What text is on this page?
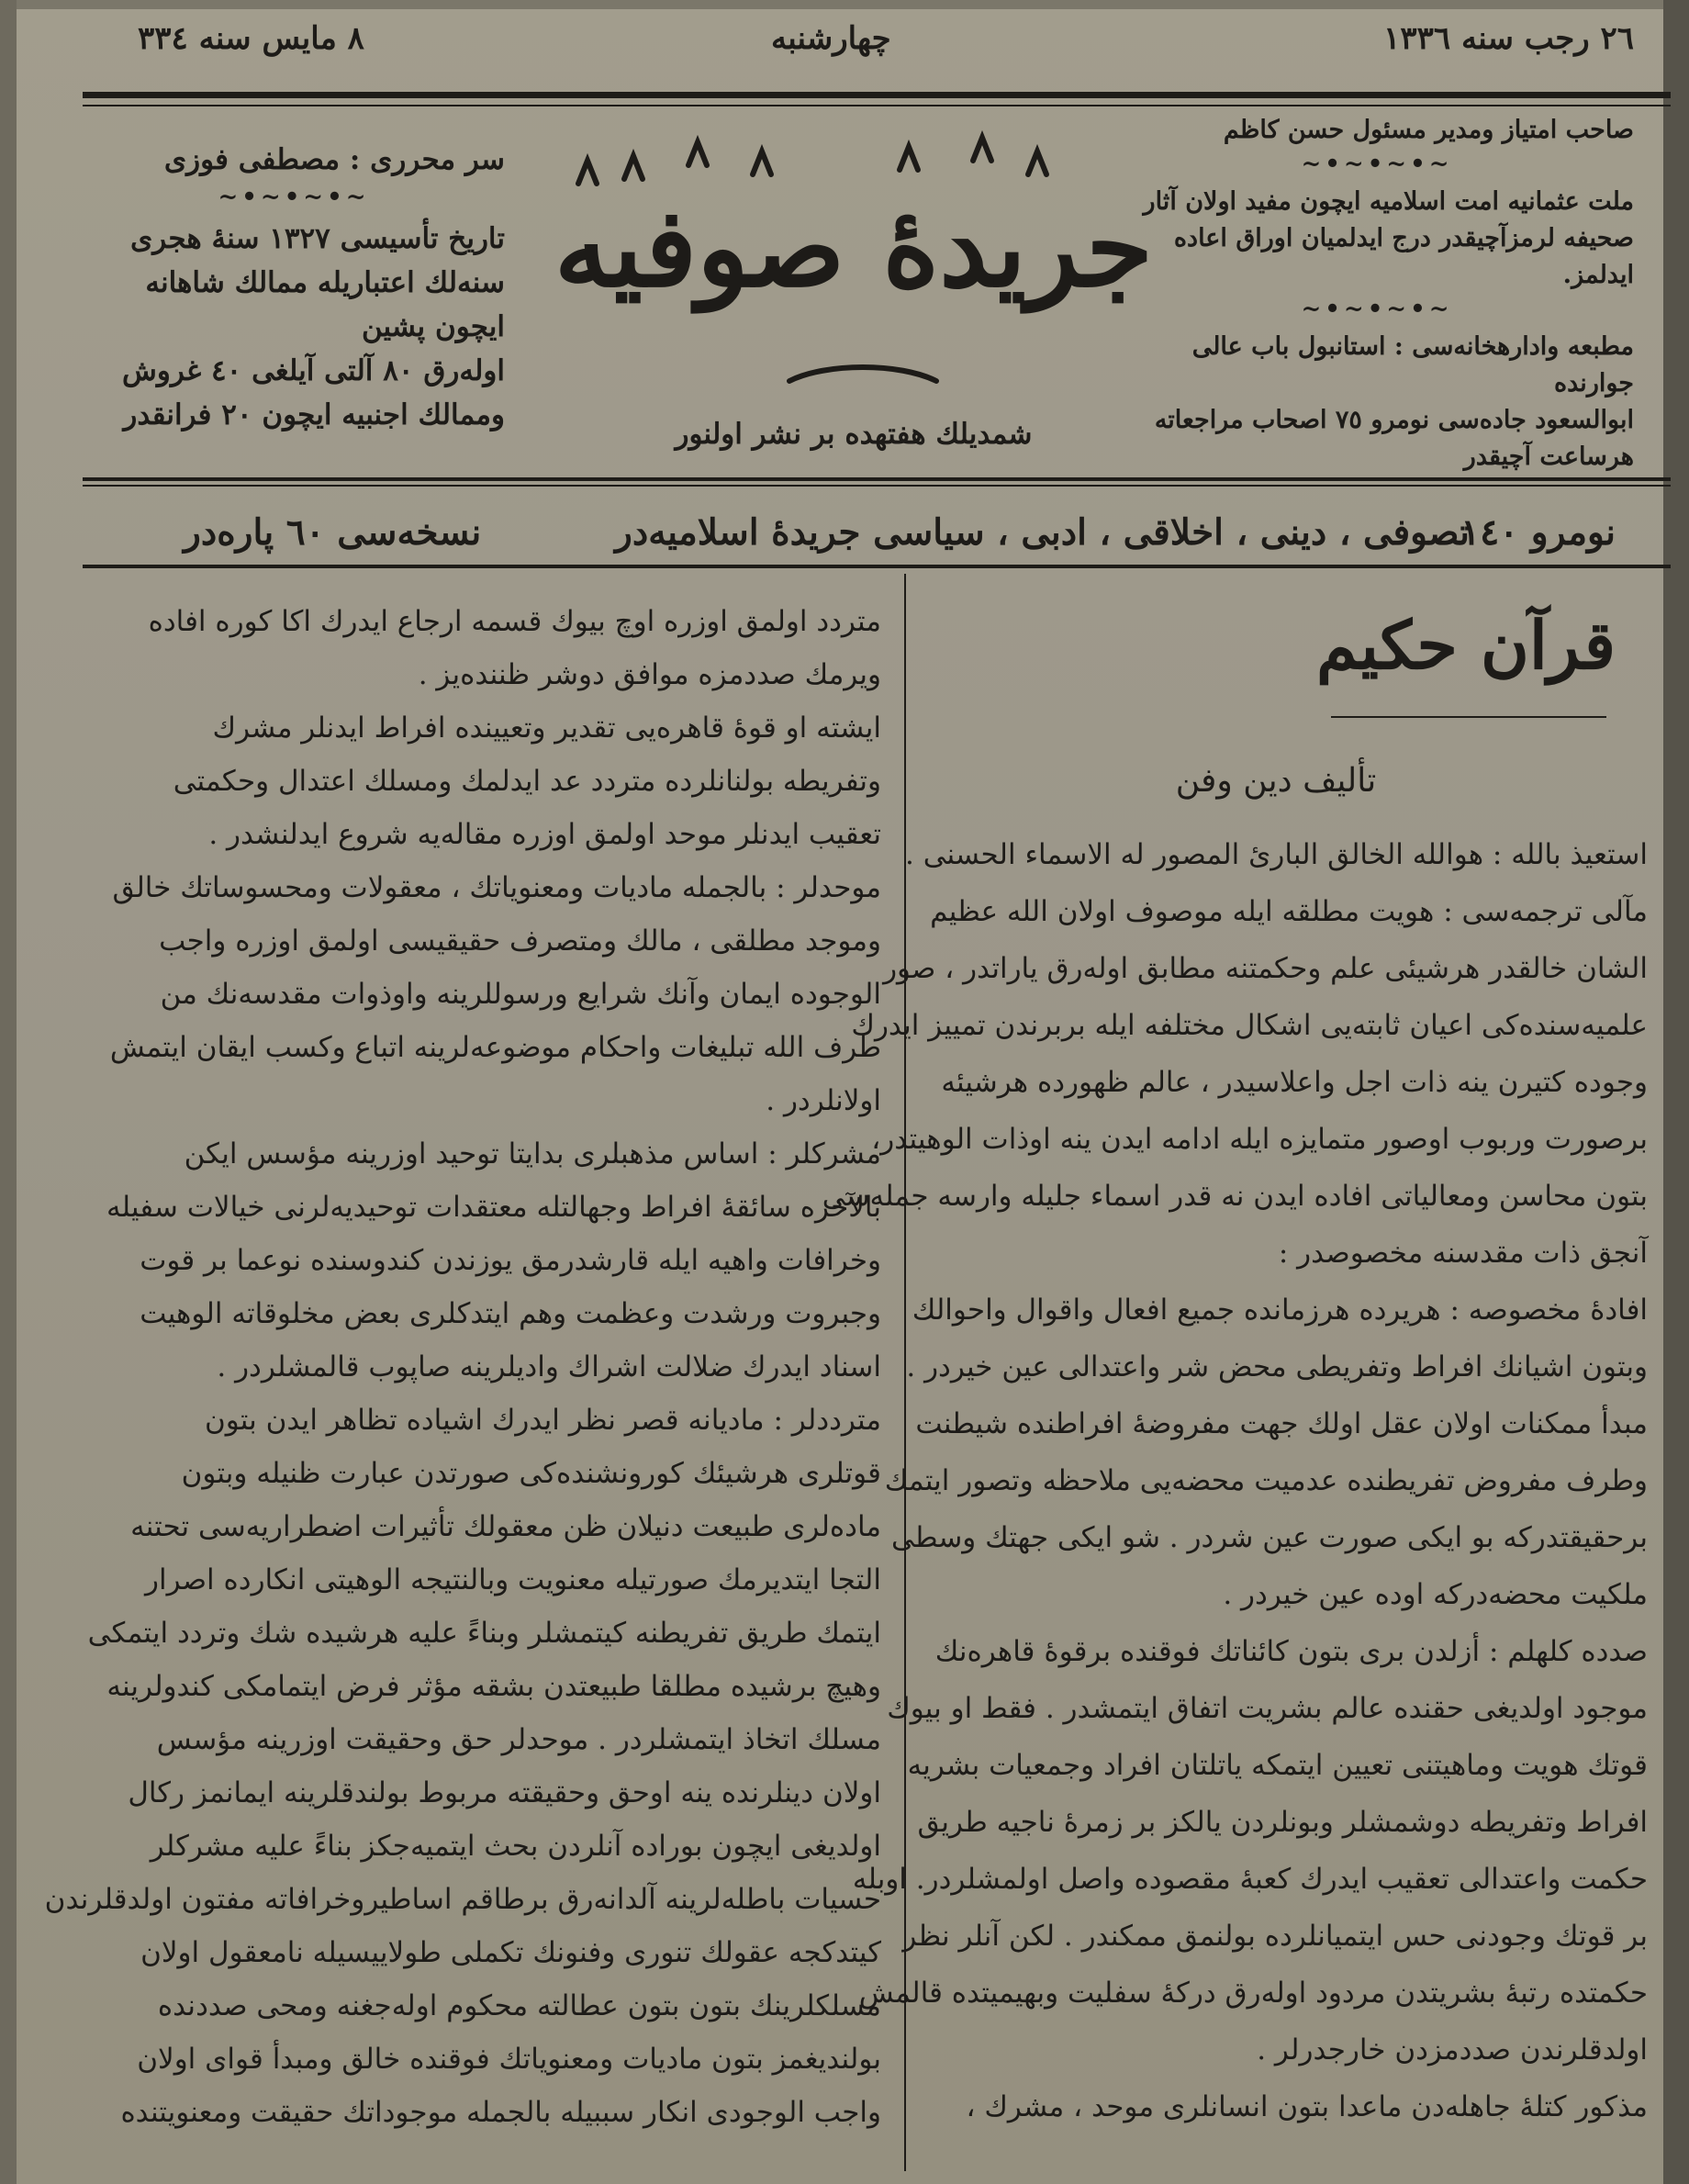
٢٦ رجب سنه ١٣٣٦
چهارشنبه
٨ مايس سنه ٣٣٤
صاحب امتياز ومدير مسئول حسن كاظم
~•~•~•~
ملت عثمانيه امت اسلاميه ايچون مفيد اولان آثار
صحيفه لرمزآچيقدر درج ايدلميان اوراق اعاده ايدلمز.
~•~•~•~
مطبعه وادارهخانه‌سی : استانبول باب عالی جوارنده
ابوالسعود جاده‌سی نومرو ٧٥ اصحاب مراجعاته
هرساعت آچيقدر
جريدهٔ صوفيه
شمديلك هفتهده بر نشر اولنور
سر محرری : مصطفی فوزی
~•~•~•~
تاريخ تأسيسی ١٣٢٧ سنهٔ هجری
سنه‌لك اعتباريله ممالك شاهانه ايچون پشين
اوله‌رق ٨٠ آلتی آيلغی ٤٠ غروش
وممالك اجنبيه ايچون ٢٠ فرانقدر
نومرو ١٤٠
تصوفی ، دينی ، اخلاقی ، ادبی ، سياسی جريدهٔ اسلاميه‌در
نسخه‌سی ٦٠ پاره‌در
قرآن حكيم
تأليف دين وفن

استعيذ بالله : هوالله الخالق البارئ المصور له الاسماء الحسنی .

مآلی ترجمه‌سی : هويت مطلقه ايله موصوف اولان الله عظيم

الشان خالقدر هرشيئی علم وحكمتنه مطابق اوله‌رق ياراتدر ، صور

علميه‌سنده‌كی اعيان ثابته‌يی اشكال مختلفه ايله بربرندن تمييز ايدرك

وجوده كتيرن ينه ذات اجل واعلاسيدر ، عالم ظهورده هرشيئه

برصورت وربوب اوصور متمايزه ايله ادامه ايدن ينه اوذات الوهيتدر،

بتون محاسن ومعالياتی افاده ايدن نه قدر اسماء جليله وارسه جمله‌سی

آنجق ذات مقدسنه مخصوصدر :

افادهٔ مخصوصه : هريرده هرزمانده جميع افعال واقوال واحوالك

وبتون اشيانك افراط وتفريطی محض شر واعتدالی عين خيردر .

مبدأ ممكنات اولان عقل اولك جهت مفروضهٔ افراطنده شيطنت

وطرف مفروض تفريطنده عدميت محضه‌يی ملاحظه وتصور ايتمك

برحقيقتدركه بو ايكی صورت عين شردر . شو ايكی جهتك وسطی

ملكيت محضه‌دركه اوده عين خيردر .

صدده كلهلم : أزلدن بری بتون كائناتك فوقنده برقوهٔ قاهره‌نك

موجود اولديغی حقنده عالم بشريت اتفاق ايتمشدر . فقط او بيوك

قوتك هويت وماهيتنی تعيين ايتمكه ياتلتان افراد وجمعيات بشريه

افراط وتفريطه دوشمشلر وبونلردن يالكز بر زمرهٔ ناجيه طريق

حكمت واعتدالی تعقيب ايدرك كعبهٔ مقصوده واصل اولمشلردر. اوبله

بر قوتك وجودنی حس ايتميانلرده بولنمق ممكندر . لكن آنلر نظر

حكمتده رتبهٔ بشريتدن مردود اوله‌رق دركهٔ سفليت وبهيميتده قالمش

اولدقلرندن صددمزدن خارجدرلر .

مذكور كتلهٔ جاهله‌دن ماعدا بتون انسانلری موحد ، مشرك ،

متردد اولمق اوزره اوچ بيوك قسمه ارجاع ايدرك اكا كوره افاده

ويرمك صددمزه موافق دوشر ظننده‌يز .

ايشته او قوهٔ قاهره‌يی تقدير وتعيينده افراط ايدنلر مشرك

وتفريطه بولنانلرده متردد عد ايدلمك ومسلك اعتدال وحكمتی

تعقيب ايدنلر موحد اولمق اوزره مقاله‌يه شروع ايدلنشدر .

موحدلر : بالجمله ماديات ومعنوياتك ، معقولات ومحسوساتك خالق

وموجد مطلقی ، مالك ومتصرف حقيقيسی اولمق اوزره واجب

الوجوده ايمان وآنك شرايع ورسوللرينه واوذوات مقدسه‌نك من

طرف الله تبليغات واحكام موضوعه‌لرينه اتباع وكسب ايقان ايتمش

اولانلردر .

مشركلر : اساس مذهبلری بدايتا توحيد اوزرينه مؤسس ايكن

بالآخره سائقهٔ افراط وجهالتله معتقدات توحيديه‌لرنی خيالات سفيله

وخرافات واهيه ايله قارشدرمق يوزندن كندوسنده نوعما بر قوت

وجبروت ورشدت وعظمت وهم ايتدكلری بعض مخلوقاته الوهيت

اسناد ايدرك ضلالت اشراك واديلرينه صاپوب قالمشلردر .

مترددلر : ماديانه قصر نظر ايدرك اشياده تظاهر ايدن بتون

قوتلری هرشيئك كورونشنده‌كی صورتدن عبارت ظنيله وبتون

ماده‌لری طبيعت دنيلان ظن معقولك تأثيرات اضطراريه‌سی تحتنه

التجا ايتديرمك صورتيله معنويت وبالنتيجه الوهيتی انكارده اصرار

ايتمك طريق تفريطنه كيتمشلر وبناءً عليه هرشيده شك وتردد ايتمكی

وهيچ برشيده مطلقا طبيعتدن بشقه مؤثر فرض ايتمامكی كندولرينه

مسلك اتخاذ ايتمشلردر . موحدلر حق وحقيقت اوزرينه مؤسس

اولان دينلرنده ينه اوحق وحقيقته مربوط بولندقلرينه ايمانمز ركال

اولديغی ايچون بوراده آنلردن بحث ايتميه‌جكز بناءً عليه مشركلر

حسيات باطله‌لرينه آلدانه‌رق برطاقم اساطيروخرافاته مفتون اولدقلرندن

كيتدكجه عقولك تنوری وفنونك تكملی طولاييسيله نامعقول اولان

مسلكلرينك بتون بتون عطالته محكوم اوله‌جغنه ومحی صددنده

بولنديغمز بتون ماديات ومعنوياتك فوقنده خالق ومبدأ قوای اولان

واجب الوجودی انكار سببيله بالجمله موجوداتك حقيقت ومعنويتنده
